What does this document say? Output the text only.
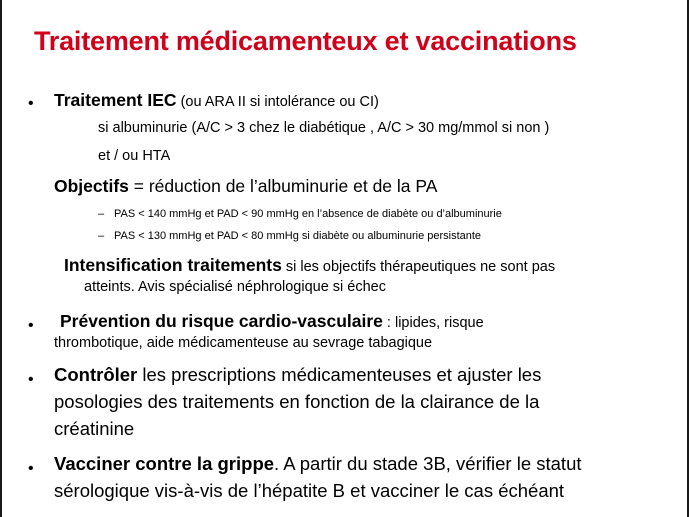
Traitement médicamenteux et vaccinations
• Traitement IEC (ou ARA II si intolérance ou CI)
si albuminurie (A/C > 3 chez le diabétique , A/C > 30 mg/mmol si non )
et / ou HTA
Objectifs = réduction de l’albuminurie et de la PA
– PAS < 140 mmHg et PAD < 90 mmHg en l’absence de diabète ou d’albuminurie
– PAS < 130 mmHg et PAD < 80 mmHg si diabète ou albuminurie persistante
Intensification traitements si les objectifs thérapeutiques ne sont pas
atteints. Avis spécialisé néphrologique si échec
• Prévention du risque cardio-vasculaire : lipides, risque
thrombotique, aide médicamenteuse au sevrage tabagique
• Contrôler les prescriptions médicamenteuses et ajuster les
posologies des traitements en fonction de la clairance de la
créatinine
• Vacciner contre la grippe. A partir du stade 3B, vérifier le statut
sérologique vis-à-vis de l’hépatite B et vacciner le cas échéant
